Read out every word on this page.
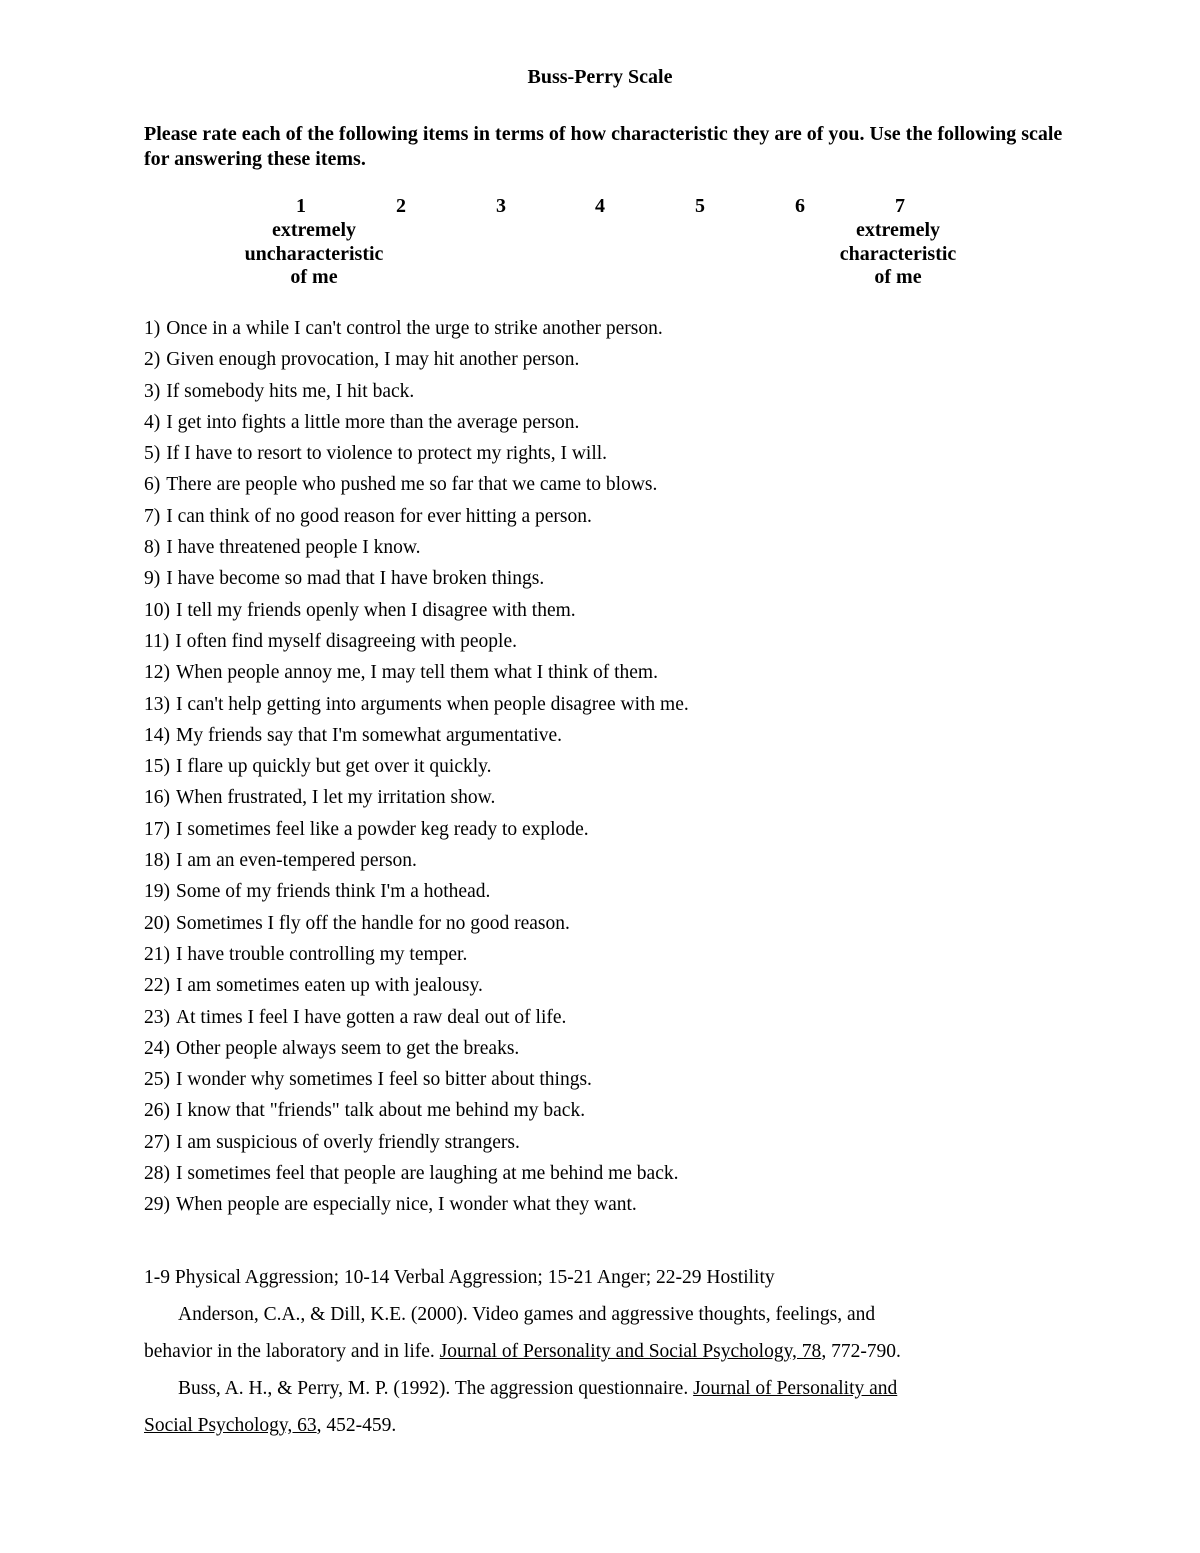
Buss-Perry Scale
Please rate each of the following items in terms of how characteristic they are of you. Use the following scale for answering these items.
1	2	3	4	5	6	7
extremely
uncharacteristic
of me
extremely
characteristic
of me
1) Once in a while I can't control the urge to strike another person.
2) Given enough provocation, I may hit another person.
3) If somebody hits me, I hit back.
4) I get into fights a little more than the average person.
5) If I have to resort to violence to protect my rights, I will.
6) There are people who pushed me so far that we came to blows.
7) I can think of no good reason for ever hitting a person.
8) I have threatened people I know.
9) I have become so mad that I have broken things.
10) I tell my friends openly when I disagree with them.
11) I often find myself disagreeing with people.
12) When people annoy me, I may tell them what I think of them.
13) I can't help getting into arguments when people disagree with me.
14) My friends say that I'm somewhat argumentative.
15) I flare up quickly but get over it quickly.
16) When frustrated, I let my irritation show.
17) I sometimes feel like a powder keg ready to explode.
18) I am an even-tempered person.
19) Some of my friends think I'm a hothead.
20) Sometimes I fly off the handle for no good reason.
21) I have trouble controlling my temper.
22) I am sometimes eaten up with jealousy.
23) At times I feel I have gotten a raw deal out of life.
24) Other people always seem to get the breaks.
25) I wonder why sometimes I feel so bitter about things.
26) I know that "friends" talk about me behind my back.
27) I am suspicious of overly friendly strangers.
28) I sometimes feel that people are laughing at me behind me back.
29) When people are especially nice, I wonder what they want.
1-9 Physical Aggression; 10-14 Verbal Aggression; 15-21 Anger; 22-29 Hostility
Anderson, C.A., & Dill, K.E. (2000). Video games and aggressive thoughts, feelings, and
behavior in the laboratory and in life. Journal of Personality and Social Psychology, 78, 772-790.
Buss, A. H., & Perry, M. P. (1992). The aggression questionnaire. Journal of Personality and
Social Psychology, 63, 452-459.
